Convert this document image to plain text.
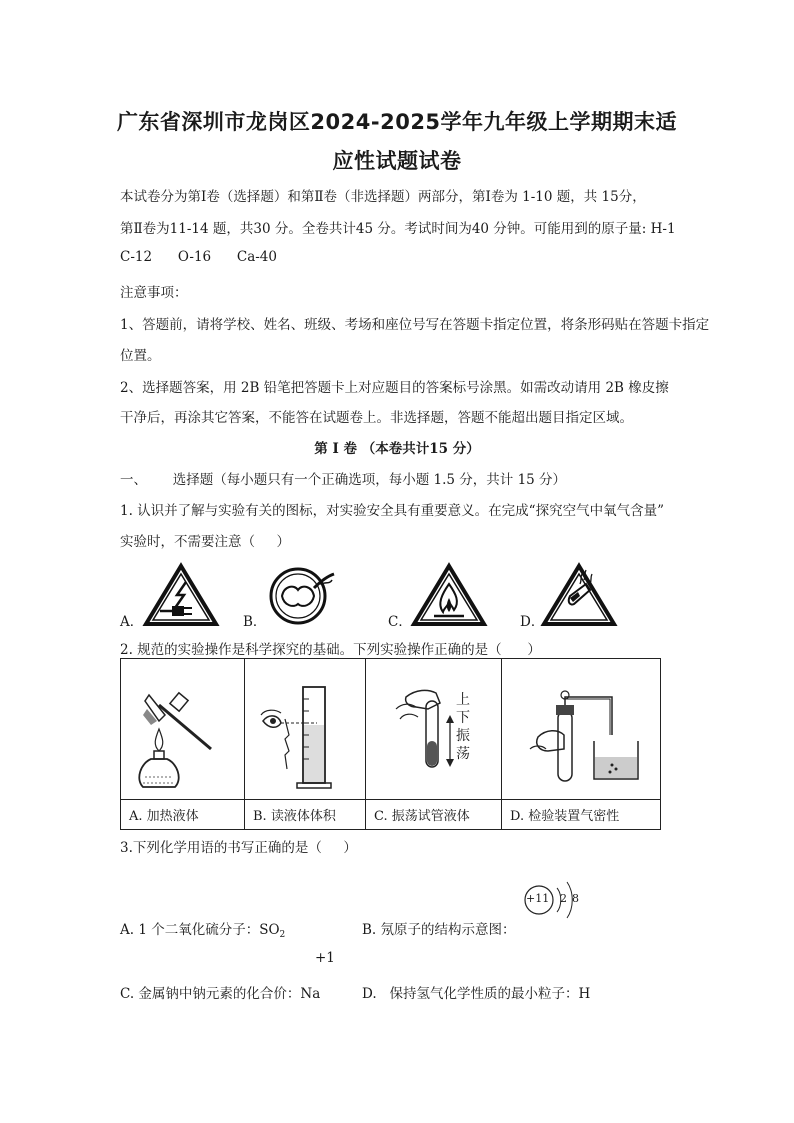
广东省深圳市龙岗区2024-2025学年九年级上学期期末适
应性试题试卷
本试卷分为第Ⅰ卷（选择题）和第Ⅱ卷（非选择题）两部分，第Ⅰ卷为 1-10 题，共 15分，
第Ⅱ卷为11-14 题，共30 分。全卷共计45 分。考试时间为40 分钟。可能用到的原子量: H-1
C-12      O-16      Ca-40
注意事项：
1、答题前，请将学校、姓名、班级、考场和座位号写在答题卡指定位置，将条形码贴在答题卡指定
位置。
2、选择题答案，用 2B 铅笔把答题卡上对应题目的答案标号涂黑。如需改动请用 2B 橡皮擦
干净后，再涂其它答案，不能答在试题卷上。非选择题，答题不能超出题目指定区域。
第 I 卷 （本卷共计15 分）
一、      选择题（每小题只有一个正确选项，每小题 1.5 分，共计 15 分）
1. 认识并了解与实验有关的图标，对实验安全具有重要意义。在完成“探究空气中氧气含量”
实验时，不需要注意（     ）
A．	B．	C．	D．
2. 规范的实验操作是科学探究的基础。下列实验操作正确的是（      ）

上
下
振
荡

A. 加热液体	B. 读液体体积	C. 振荡试管液体	D. 检验装置气密性
3.下列化学用语的书写正确的是（     ）
A. 1 个二氧化硫分子：$SO_2$	B. 氖原子的结构示意图：
+11 2 8
+1
C. 金属钠中钠元素的化合价：Na	D.   保持氢气化学性质的最小粒子：H
